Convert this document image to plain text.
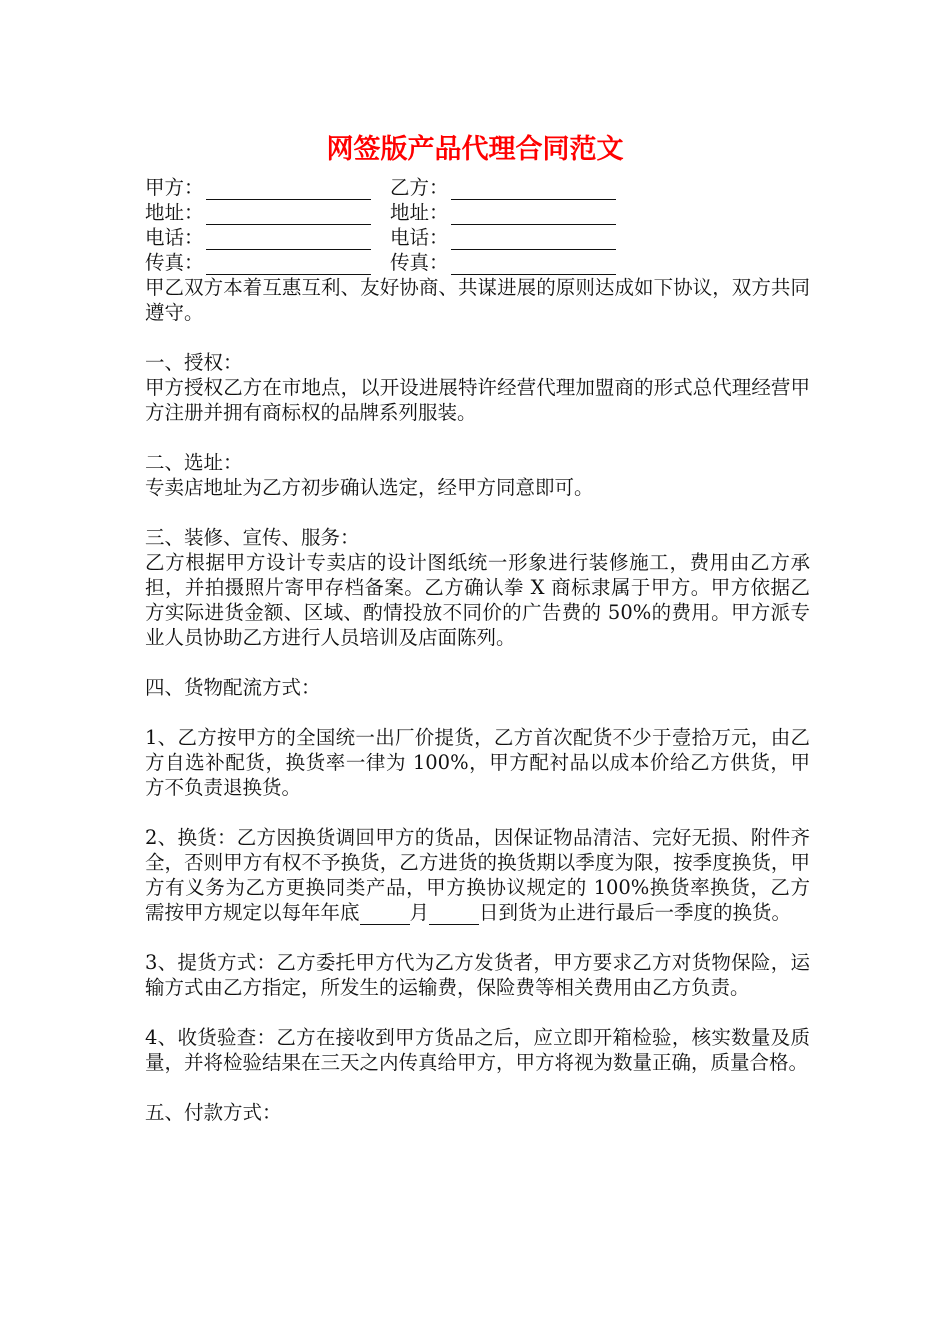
网签版产品代理合同范文
甲方：	乙方：
地址：	地址：
电话：	电话：
传真：	传真：

甲乙双方本着互惠互利、友好协商、共谋进展的原则达成如下协议，双方共同遵守。

一、授权：

甲方授权乙方在市地点，以开设进展特许经营代理加盟商的形式总代理经营甲方注册并拥有商标权的品牌系列服装。

二、选址：

专卖店地址为乙方初步确认选定，经甲方同意即可。

三、装修、宣传、服务：

乙方根据甲方设计专卖店的设计图纸统一形象进行装修施工，费用由乙方承担，并拍摄照片寄甲存档备案。乙方确认拳 X 商标隶属于甲方。甲方依据乙方实际进货金额、区域、酌情投放不同价的广告费的 50%的费用。甲方派专业人员协助乙方进行人员培训及店面陈列。

四、货物配流方式：

1、乙方按甲方的全国统一出厂价提货，乙方首次配货不少于壹拾万元，由乙方自选补配货，换货率一律为 100%，甲方配衬品以成本价给乙方供货，甲方不负责退换货。

2、换货：乙方因换货调回甲方的货品，因保证物品清洁、完好无损、附件齐全，否则甲方有权不予换货，乙方进货的换货期以季度为限，按季度换货，甲方有义务为乙方更换同类产品，甲方换协议规定的 100%换货率换货，乙方需按甲方规定以每年年底	月	日到货为止进行最后一季度的换货。

3、提货方式：乙方委托甲方代为乙方发货者，甲方要求乙方对货物保险，运输方式由乙方指定，所发生的运输费，保险费等相关费用由乙方负责。

4、收货验查：乙方在接收到甲方货品之后，应立即开箱检验，核实数量及质量，并将检验结果在三天之内传真给甲方，甲方将视为数量正确，质量合格。

五、付款方式：
